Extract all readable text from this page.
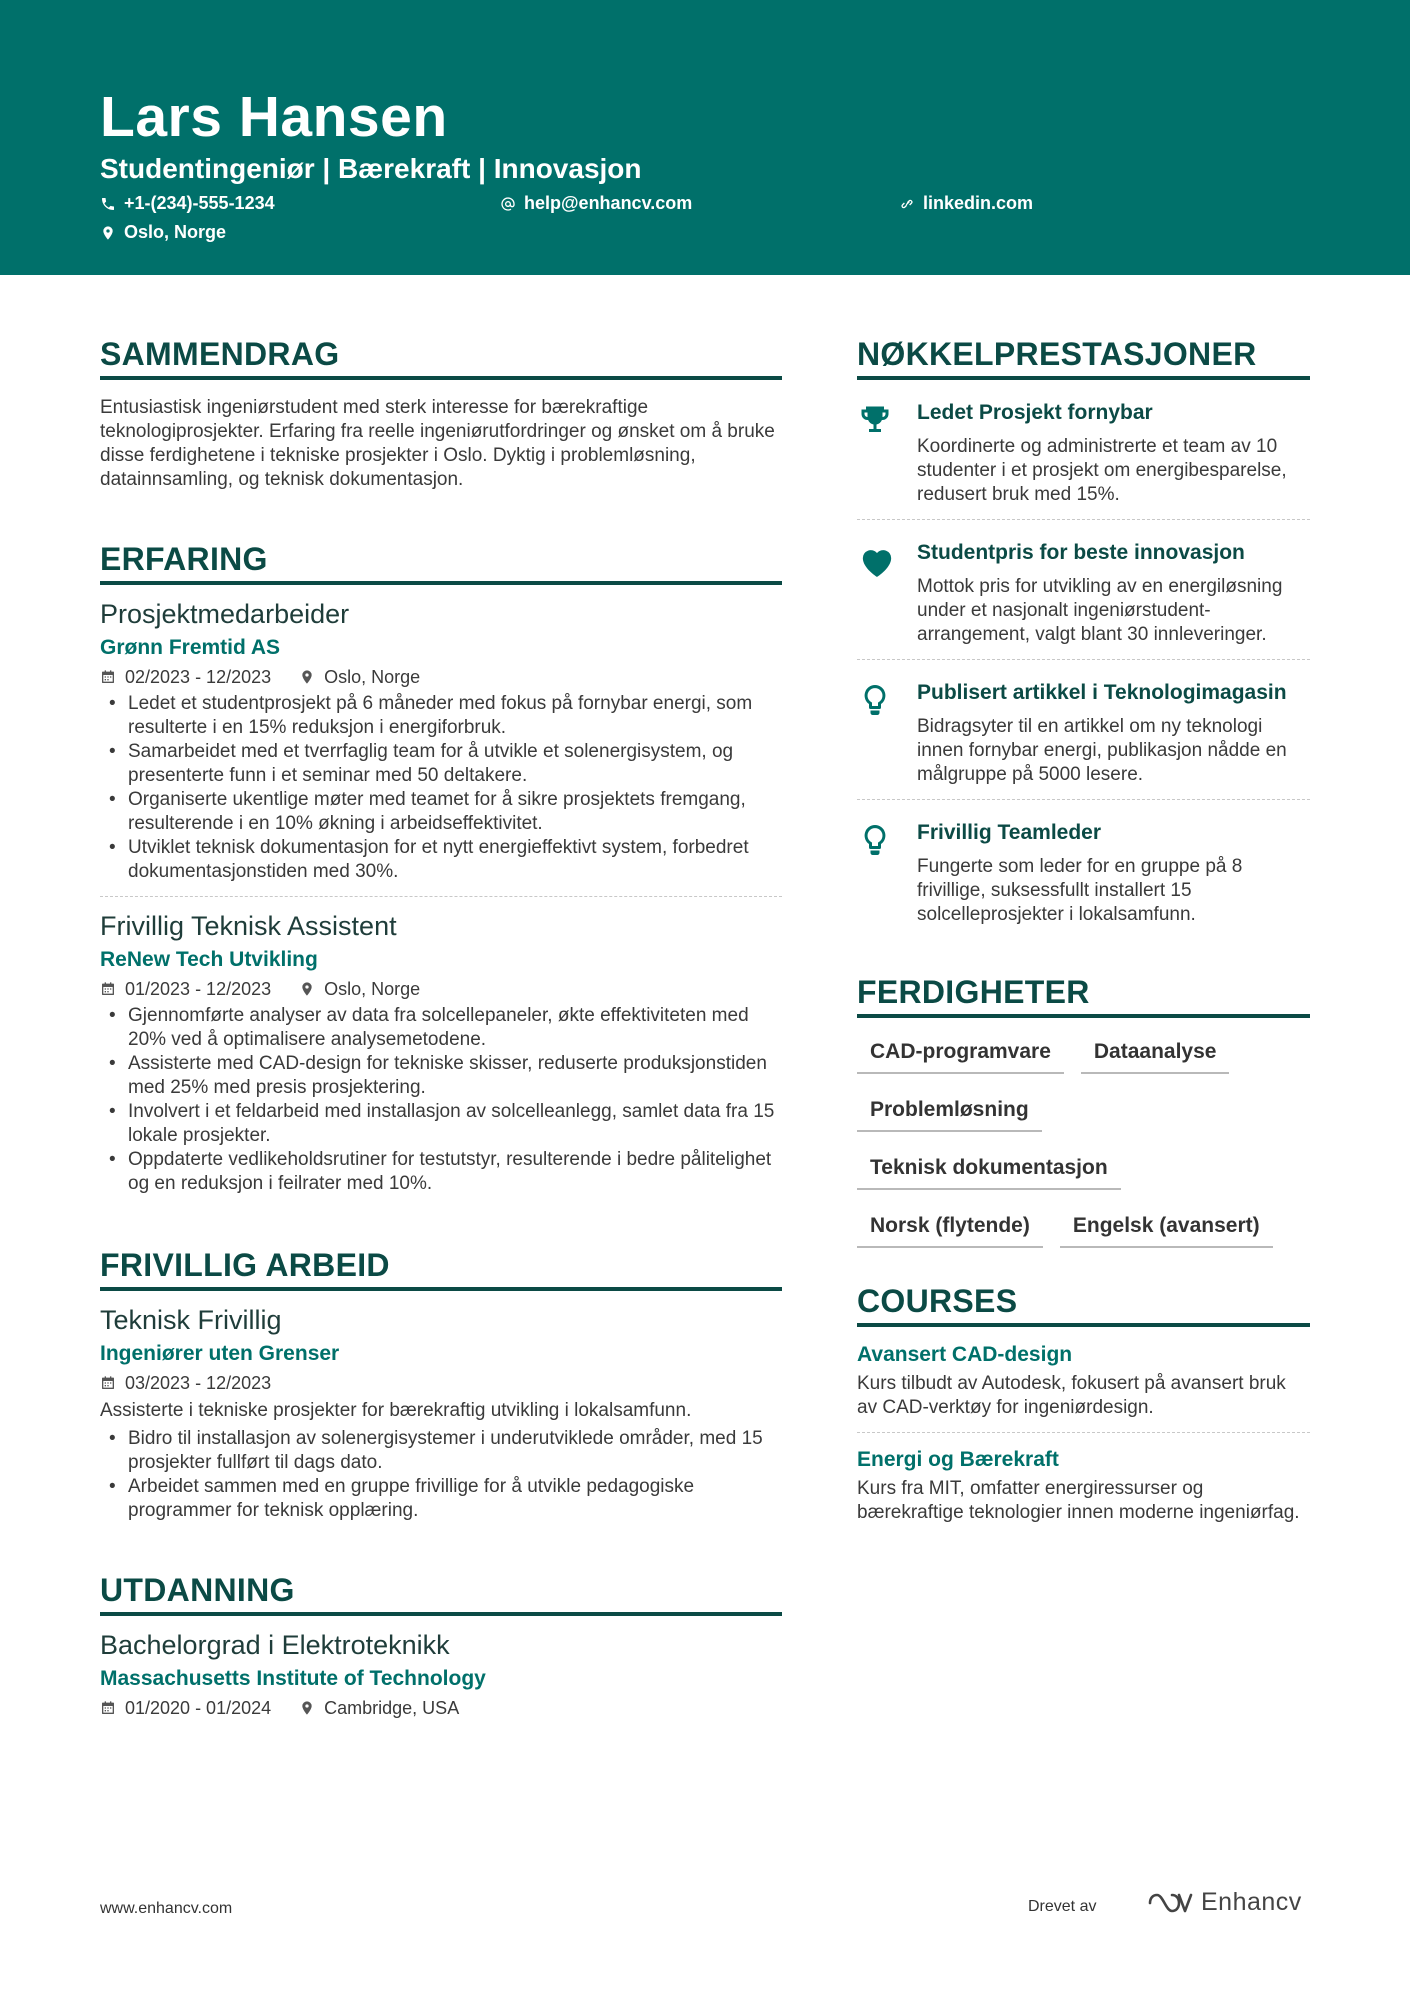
Lars Hansen
Studentingeniør | Bærekraft | Innovasjon
+1-(234)-555-1234	help@enhancv.com	linkedin.com
Oslo, Norge
SAMMENDRAG
Entusiastisk ingeniørstudent med sterk interesse for bærekraftige teknologiprosjekter. Erfaring fra reelle ingeniørutfordringer og ønsket om å bruke disse ferdighetene i tekniske prosjekter i Oslo. Dyktig i problemløsning, datainnsamling, og teknisk dokumentasjon.
ERFARING
Prosjektmedarbeider
Grønn Fremtid AS
02/2023 - 12/2023	Oslo, Norge
• Ledet et studentprosjekt på 6 måneder med fokus på fornybar energi, som resulterte i en 15% reduksjon i energiforbruk.
• Samarbeidet med et tverrfaglig team for å utvikle et solenergisystem, og presenterte funn i et seminar med 50 deltakere.
• Organiserte ukentlige møter med teamet for å sikre prosjektets fremgang, resulterende i en 10% økning i arbeidseffektivitet.
• Utviklet teknisk dokumentasjon for et nytt energieffektivt system, forbedret dokumentasjonstiden med 30%.
Frivillig Teknisk Assistent
ReNew Tech Utvikling
01/2023 - 12/2023	Oslo, Norge
• Gjennomførte analyser av data fra solcellepaneler, økte effektiviteten med 20% ved å optimalisere analysemetodene.
• Assisterte med CAD-design for tekniske skisser, reduserte produksjonstiden med 25% med presis prosjektering.
• Involvert i et feldarbeid med installasjon av solcelleanlegg, samlet data fra 15 lokale prosjekter.
• Oppdaterte vedlikeholdsrutiner for testutstyr, resulterende i bedre pålitelighet og en reduksjon i feilrater med 10%.
FRIVILLIG ARBEID
Teknisk Frivillig
Ingeniører uten Grenser
03/2023 - 12/2023
Assisterte i tekniske prosjekter for bærekraftig utvikling i lokalsamfunn.
• Bidro til installasjon av solenergisystemer i underutviklede områder, med 15 prosjekter fullført til dags dato.
• Arbeidet sammen med en gruppe frivillige for å utvikle pedagogiske programmer for teknisk opplæring.
UTDANNING
Bachelorgrad i Elektroteknikk
Massachusetts Institute of Technology
01/2020 - 01/2024	Cambridge, USA
NØKKELPRESTASJONER
Ledet Prosjekt fornybar
Koordinerte og administrerte et team av 10 studenter i et prosjekt om energibesparelse, redusert bruk med 15%.
Studentpris for beste innovasjon
Mottok pris for utvikling av en energiløsning under et nasjonalt ingeniørstudent-arrangement, valgt blant 30 innleveringer.
Publisert artikkel i Teknologimagasin
Bidragsyter til en artikkel om ny teknologi innen fornybar energi, publikasjon nådde en målgruppe på 5000 lesere.
Frivillig Teamleder
Fungerte som leder for en gruppe på 8 frivillige, suksessfullt installert 15 solcelleprosjekter i lokalsamfunn.
FERDIGHETER
CAD-programvare	Dataanalyse
Problemløsning
Teknisk dokumentasjon
Norsk (flytende)	Engelsk (avansert)
COURSES
Avansert CAD-design
Kurs tilbudt av Autodesk, fokusert på avansert bruk av CAD-verktøy for ingeniørdesign.
Energi og Bærekraft
Kurs fra MIT, omfatter energiressurser og bærekraftige teknologier innen moderne ingeniørfag.
www.enhancv.com	Drevet av	Enhancv
